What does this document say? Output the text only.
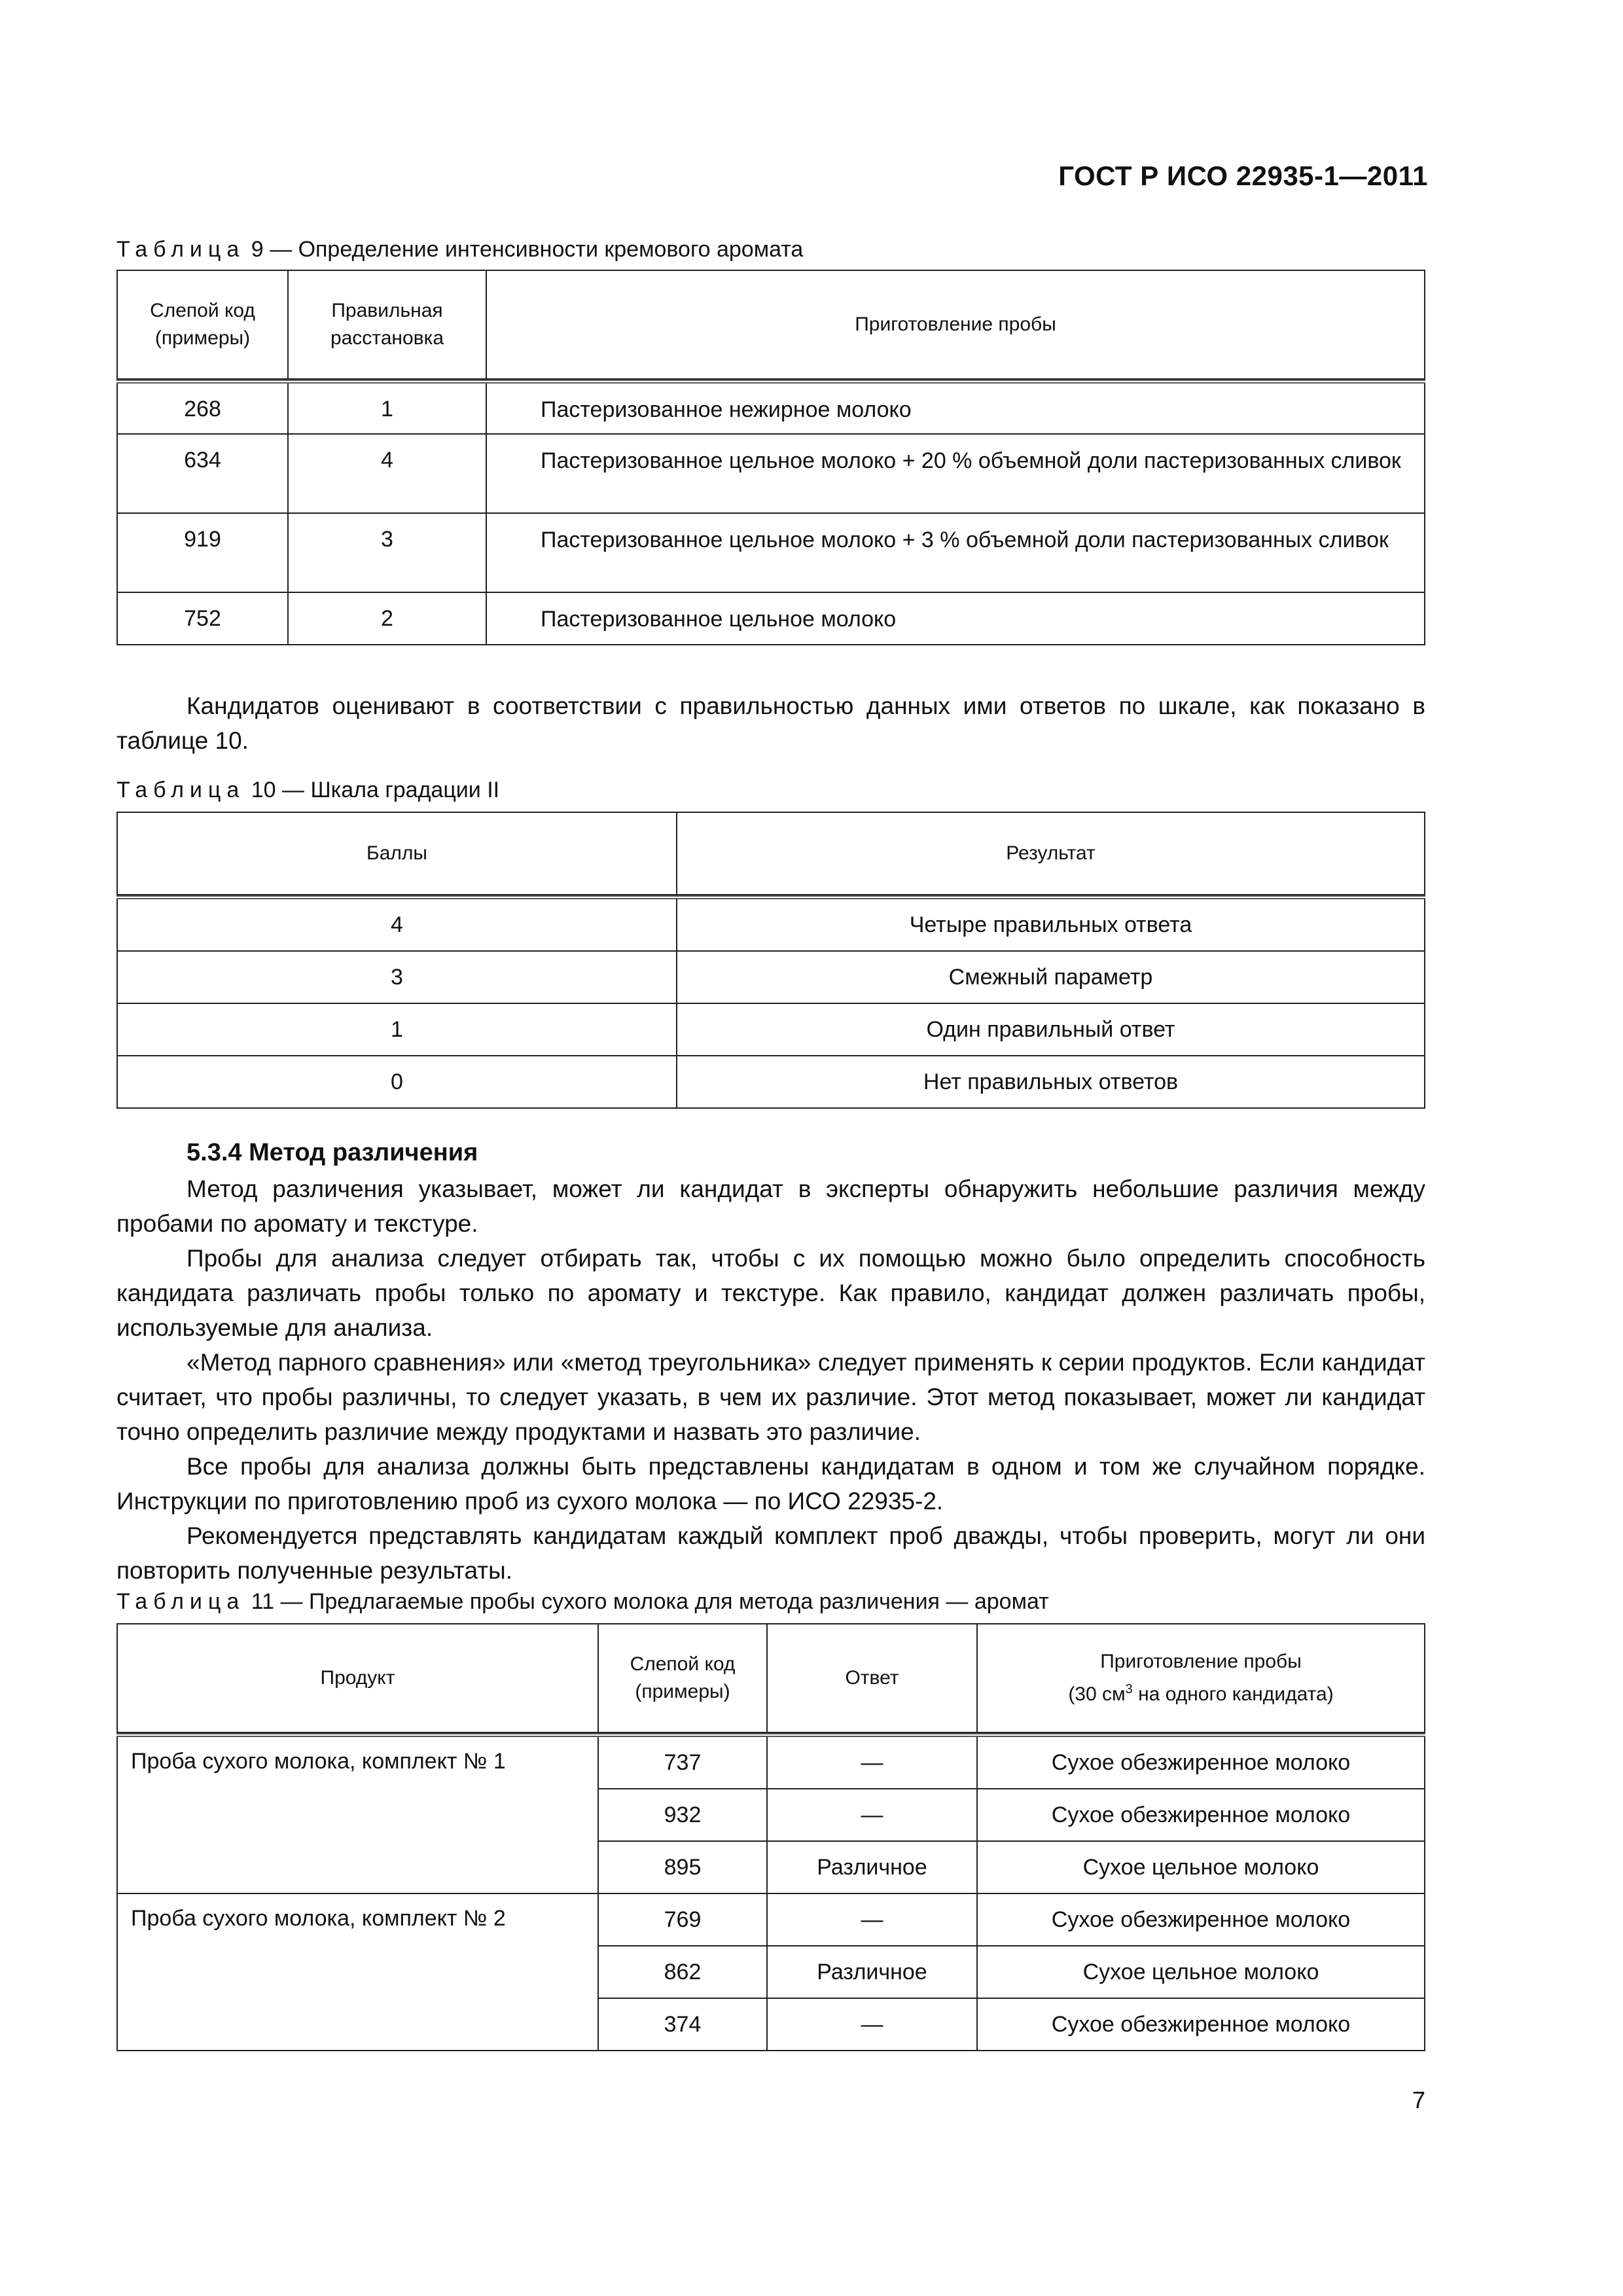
ГОСТ Р ИСО 22935-1—2011
Таблица 9 — Определение интенсивности кремового аромата
Слепой код (примеры)	Правильная расстановка	Приготовление пробы

268	1	Пастеризованное нежирное молоко
634	4	Пастеризованное цельное молоко + 20 % объемной доли пастеризованных сливок
919	3	Пастеризованное цельное молоко + 3 % объемной доли пастеризованных сливок
752	2	Пастеризованное цельное молоко

Кандидатов оценивают в соответствии с правильностью данных ими ответов по шкале, как показано в таблице 10.

Таблица 10 — Шкала градации II
Баллы	Результат

4	Четыре правильных ответа
3	Смежный параметр
1	Один правильный ответ
0	Нет правильных ответов
5.3.4 Метод различения

Метод различения указывает, может ли кандидат в эксперты обнаружить небольшие различия между пробами по аромату и текстуре.

Пробы для анализа следует отбирать так, чтобы с их помощью можно было определить способность кандидата различать пробы только по аромату и текстуре. Как правило, кандидат должен различать пробы, используемые для анализа.

«Метод парного сравнения» или «метод треугольника» следует применять к серии продуктов. Если кандидат считает, что пробы различны, то следует указать, в чем их различие. Этот метод показывает, может ли кандидат точно определить различие между продуктами и назвать это различие.

Все пробы для анализа должны быть представлены кандидатам в одном и том же случайном порядке. Инструкции по приготовлению проб из сухого молока — по ИСО 22935-2.

Рекомендуется представлять кандидатам каждый комплект проб дважды, чтобы проверить, могут ли они повторить полученные результаты.

Таблица 11 — Предлагаемые пробы сухого молока для метода различения — аромат
Продукт	Слепой код (примеры)	Ответ	Приготовление пробы
(30 $см^3$ на одного кандидата)

Проба сухого молока, комплект № 1	737	—	Сухое обезжиренное молоко
	932	—	Сухое обезжиренное молоко
	895	Различное	Сухое цельное молоко
Проба сухого молока, комплект № 2	769	—	Сухое обезжиренное молоко
	862	Различное	Сухое цельное молоко
	374	—	Сухое обезжиренное молоко
7
